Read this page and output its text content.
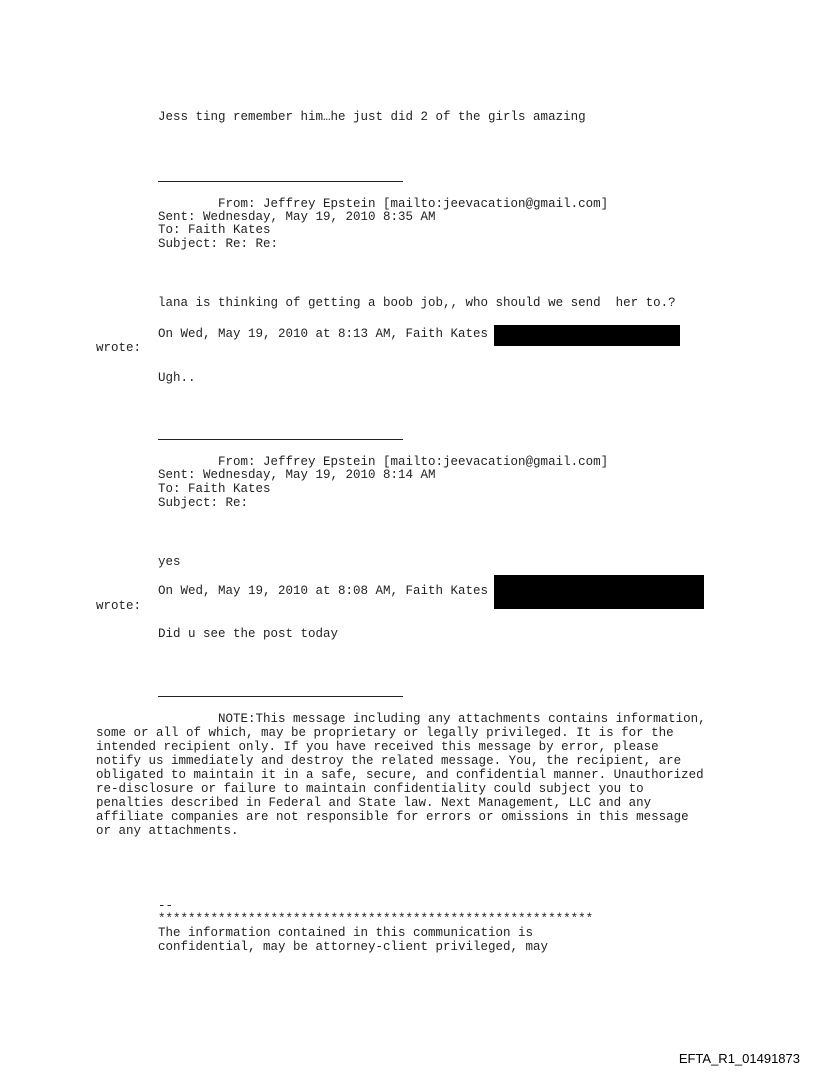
Jess ting remember him…he just did 2 of the girls amazing

From: Jeffrey Epstein [mailto:jeevacation@gmail.com]

Sent: Wednesday, May 19, 2010 8:35 AM

To: Faith Kates

Subject: Re: Re:

lana is thinking of getting a boob job,, who should we send  her to.?

On Wed, May 19, 2010 at 8:13 AM, Faith Kates

wrote:

Ugh..

From: Jeffrey Epstein [mailto:jeevacation@gmail.com]

Sent: Wednesday, May 19, 2010 8:14 AM

To: Faith Kates

Subject: Re:

yes

On Wed, May 19, 2010 at 8:08 AM, Faith Kates

wrote:

Did u see the post today

NOTE:This message including any attachments contains information,

some or all of which, may be proprietary or legally privileged. It is for the

intended recipient only. If you have received this message by error, please

notify us immediately and destroy the related message. You, the recipient, are

obligated to maintain it in a safe, secure, and confidential manner. Unauthorized

re-disclosure or failure to maintain confidentiality could subject you to

penalties described in Federal and State law. Next Management, LLC and any

affiliate companies are not responsible for errors or omissions in this message

or any attachments.

--

**********************************************************

The information contained in this communication is

confidential, may be attorney-client privileged, may

EFTA_R1_01491873
